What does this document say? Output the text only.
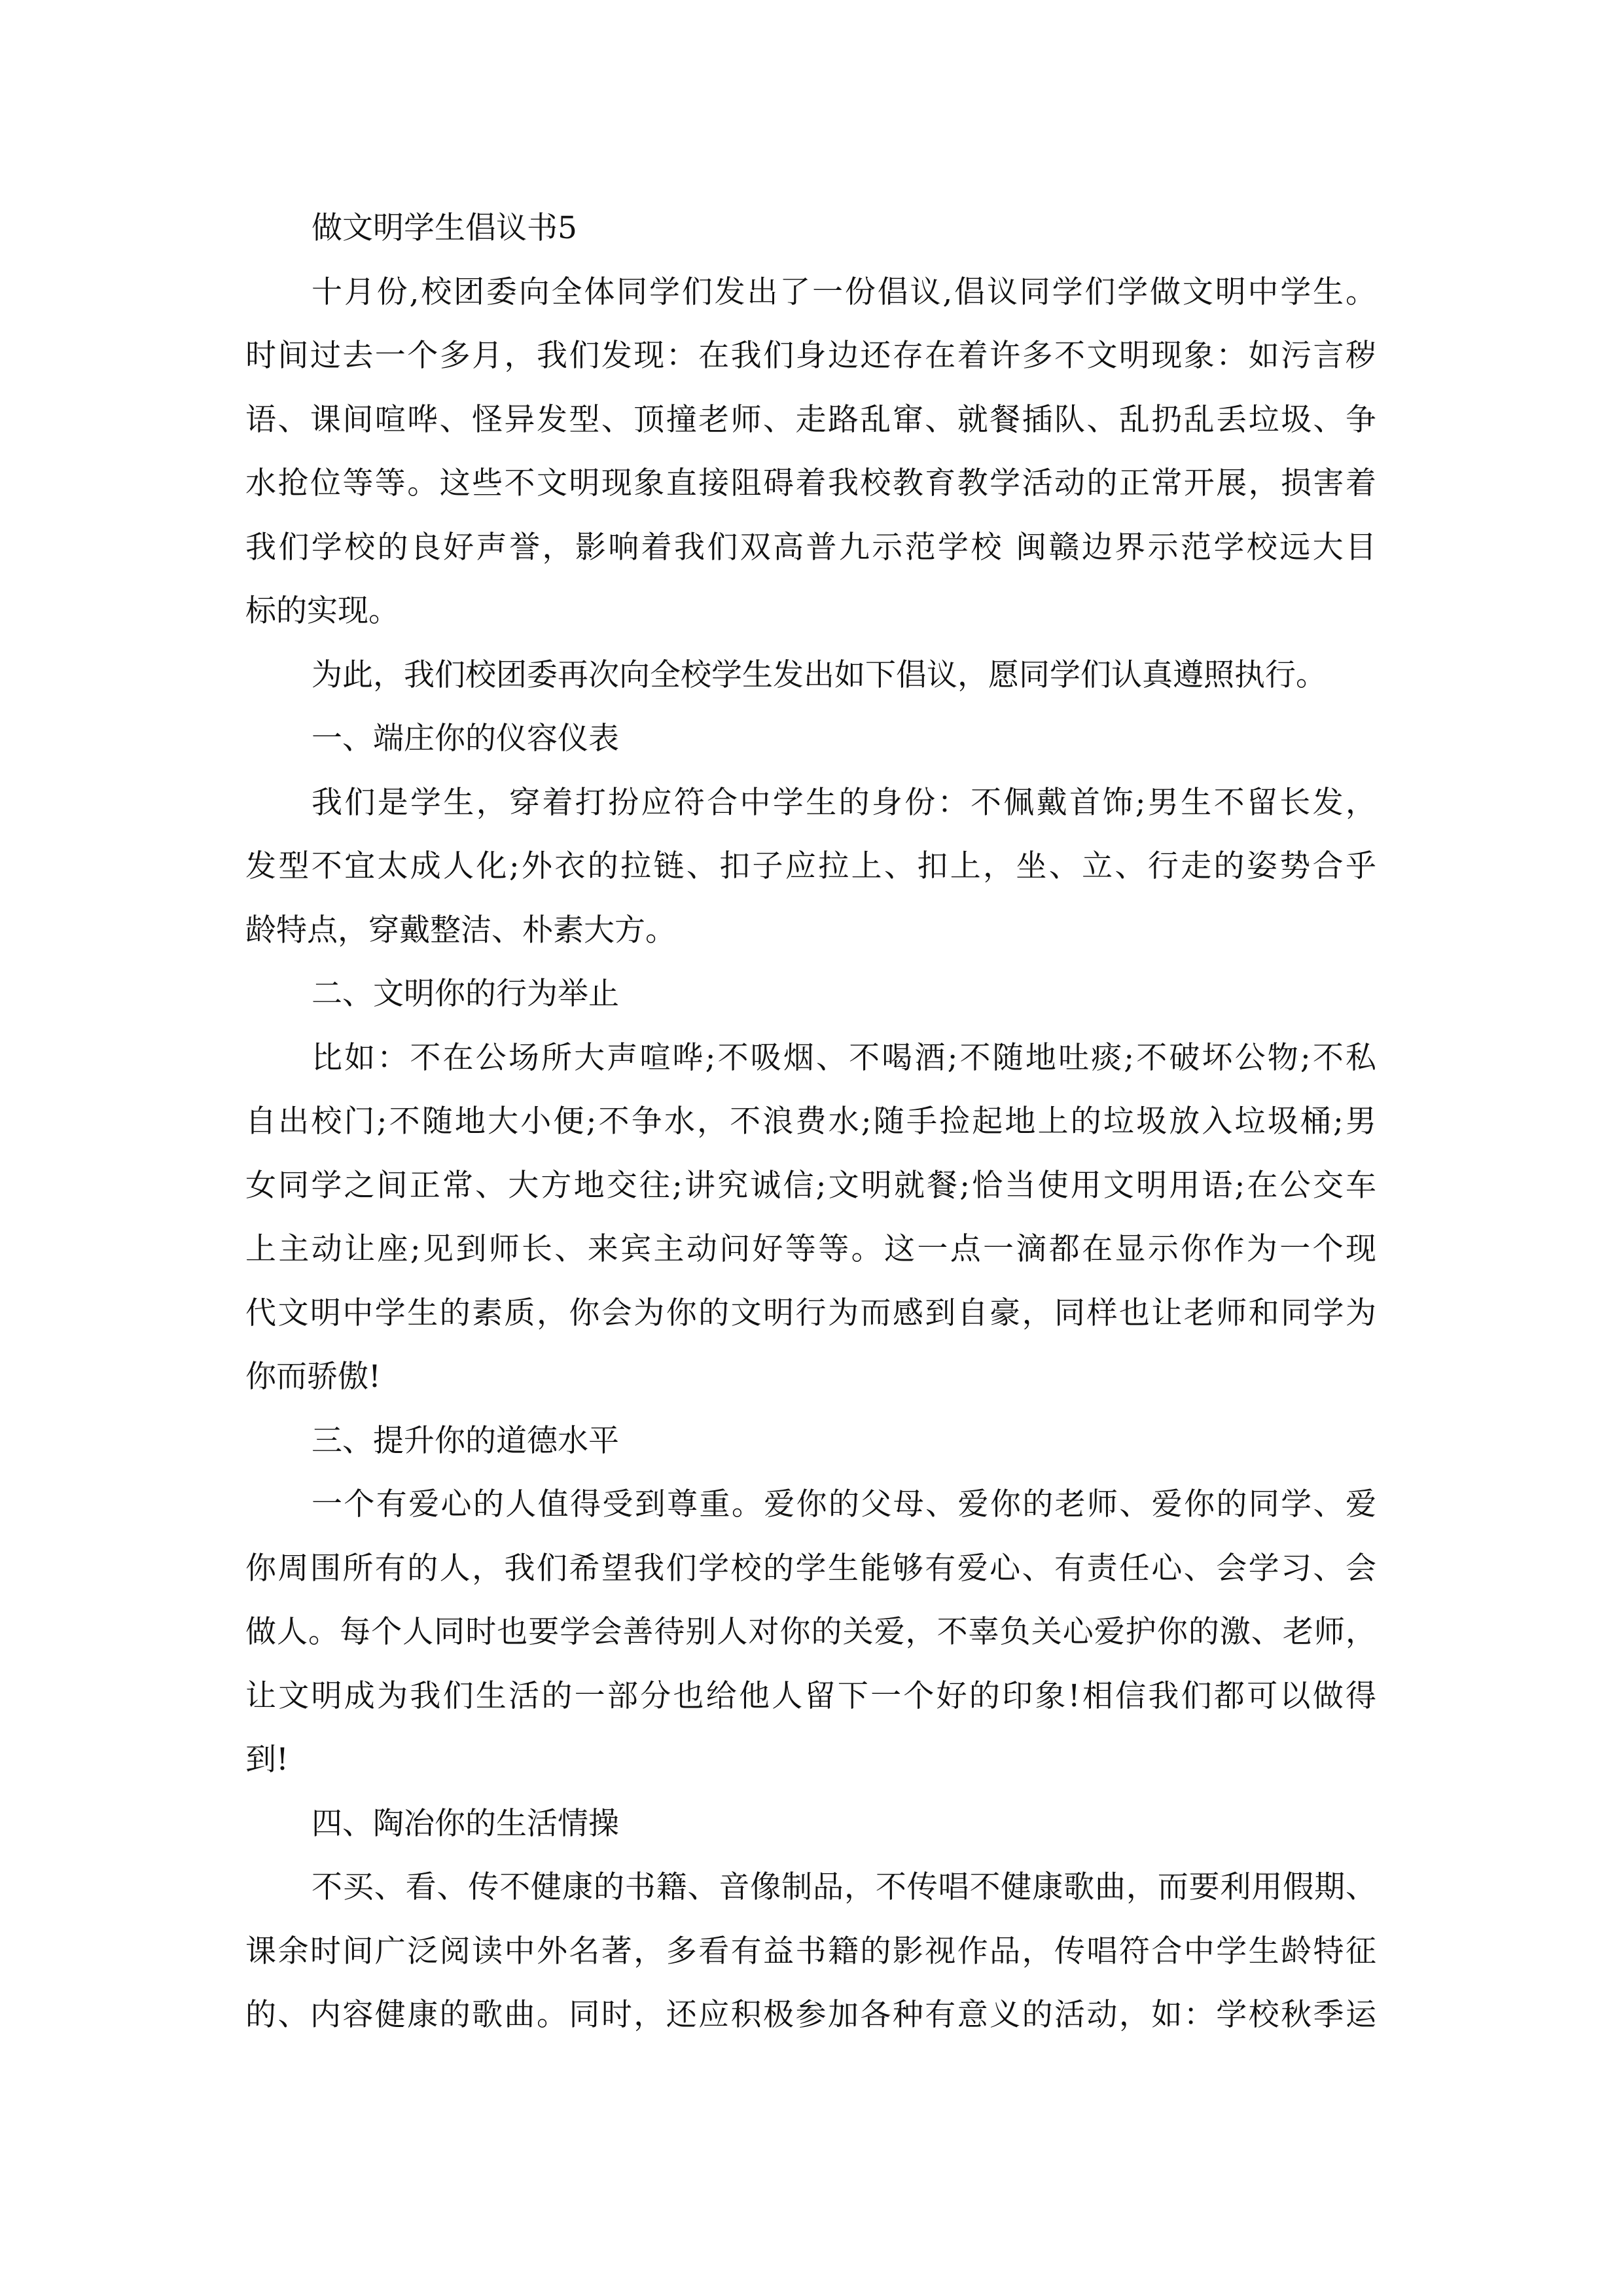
做文明学生倡议书5
十月份,校团委向全体同学们发出了一份倡议,倡议同学们学做文明中学生。
时间过去一个多月，我们发现：在我们身边还存在着许多不文明现象：如污言秽
语、课间喧哗、怪异发型、顶撞老师、走路乱窜、就餐插队、乱扔乱丢垃圾、争
水抢位等等。这些不文明现象直接阻碍着我校教育教学活动的正常开展，损害着
我们学校的良好声誉，影响着我们双高普九示范学校 闽赣边界示范学校远大目
标的实现。
为此，我们校团委再次向全校学生发出如下倡议，愿同学们认真遵照执行。
一、端庄你的仪容仪表
我们是学生，穿着打扮应符合中学生的身份：不佩戴首饰;男生不留长发，
发型不宜太成人化;外衣的拉链、扣子应拉上、扣上，坐、立、行走的姿势合乎
龄特点，穿戴整洁、朴素大方。
二、文明你的行为举止
比如：不在公场所大声喧哗;不吸烟、不喝酒;不随地吐痰;不破坏公物;不私
自出校门;不随地大小便;不争水，不浪费水;随手捡起地上的垃圾放入垃圾桶;男
女同学之间正常、大方地交往;讲究诚信;文明就餐;恰当使用文明用语;在公交车
上主动让座;见到师长、来宾主动问好等等。这一点一滴都在显示你作为一个现
代文明中学生的素质，你会为你的文明行为而感到自豪，同样也让老师和同学为
你而骄傲!
三、提升你的道德水平
一个有爱心的人值得受到尊重。爱你的父母、爱你的老师、爱你的同学、爱
你周围所有的人，我们希望我们学校的学生能够有爱心、有责任心、会学习、会
做人。每个人同时也要学会善待别人对你的关爱，不辜负关心爱护你的激、老师，
让文明成为我们生活的一部分也给他人留下一个好的印象!相信我们都可以做得
到!
四、陶冶你的生活情操
不买、看、传不健康的书籍、音像制品，不传唱不健康歌曲，而要利用假期、
课余时间广泛阅读中外名著，多看有益书籍的影视作品，传唱符合中学生龄特征
的、内容健康的歌曲。同时，还应积极参加各种有意义的活动，如：学校秋季运
